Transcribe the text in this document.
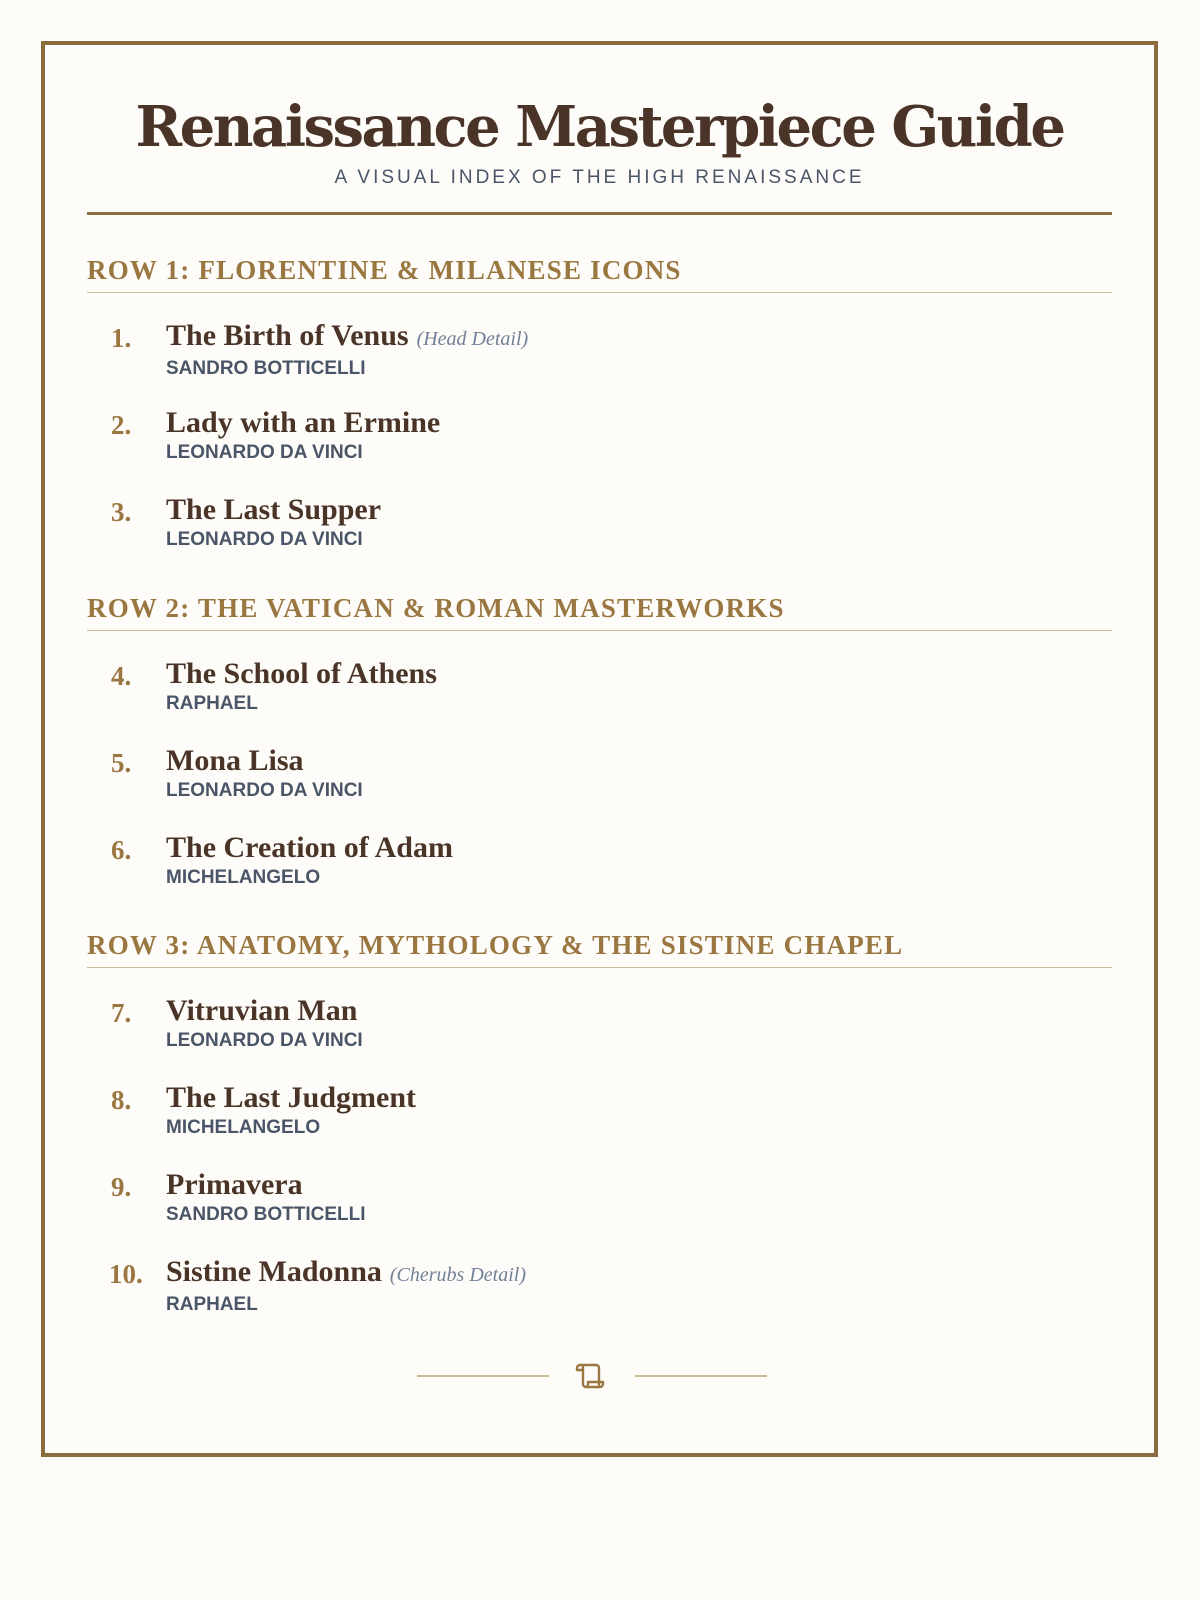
Renaissance Masterpiece Guide
A VISUAL INDEX OF THE HIGH RENAISSANCE
ROW 1: FLORENTINE & MILANESE ICONS
1. The Birth of Venus (Head Detail)
SANDRO BOTTICELLI
2. Lady with an Ermine
LEONARDO DA VINCI
3. The Last Supper
LEONARDO DA VINCI
ROW 2: THE VATICAN & ROMAN MASTERWORKS
4. The School of Athens
RAPHAEL
5. Mona Lisa
LEONARDO DA VINCI
6. The Creation of Adam
MICHELANGELO
ROW 3: ANATOMY, MYTHOLOGY & THE SISTINE CHAPEL
7. Vitruvian Man
LEONARDO DA VINCI
8. The Last Judgment
MICHELANGELO
9. Primavera
SANDRO BOTTICELLI
10. Sistine Madonna (Cherubs Detail)
RAPHAEL
